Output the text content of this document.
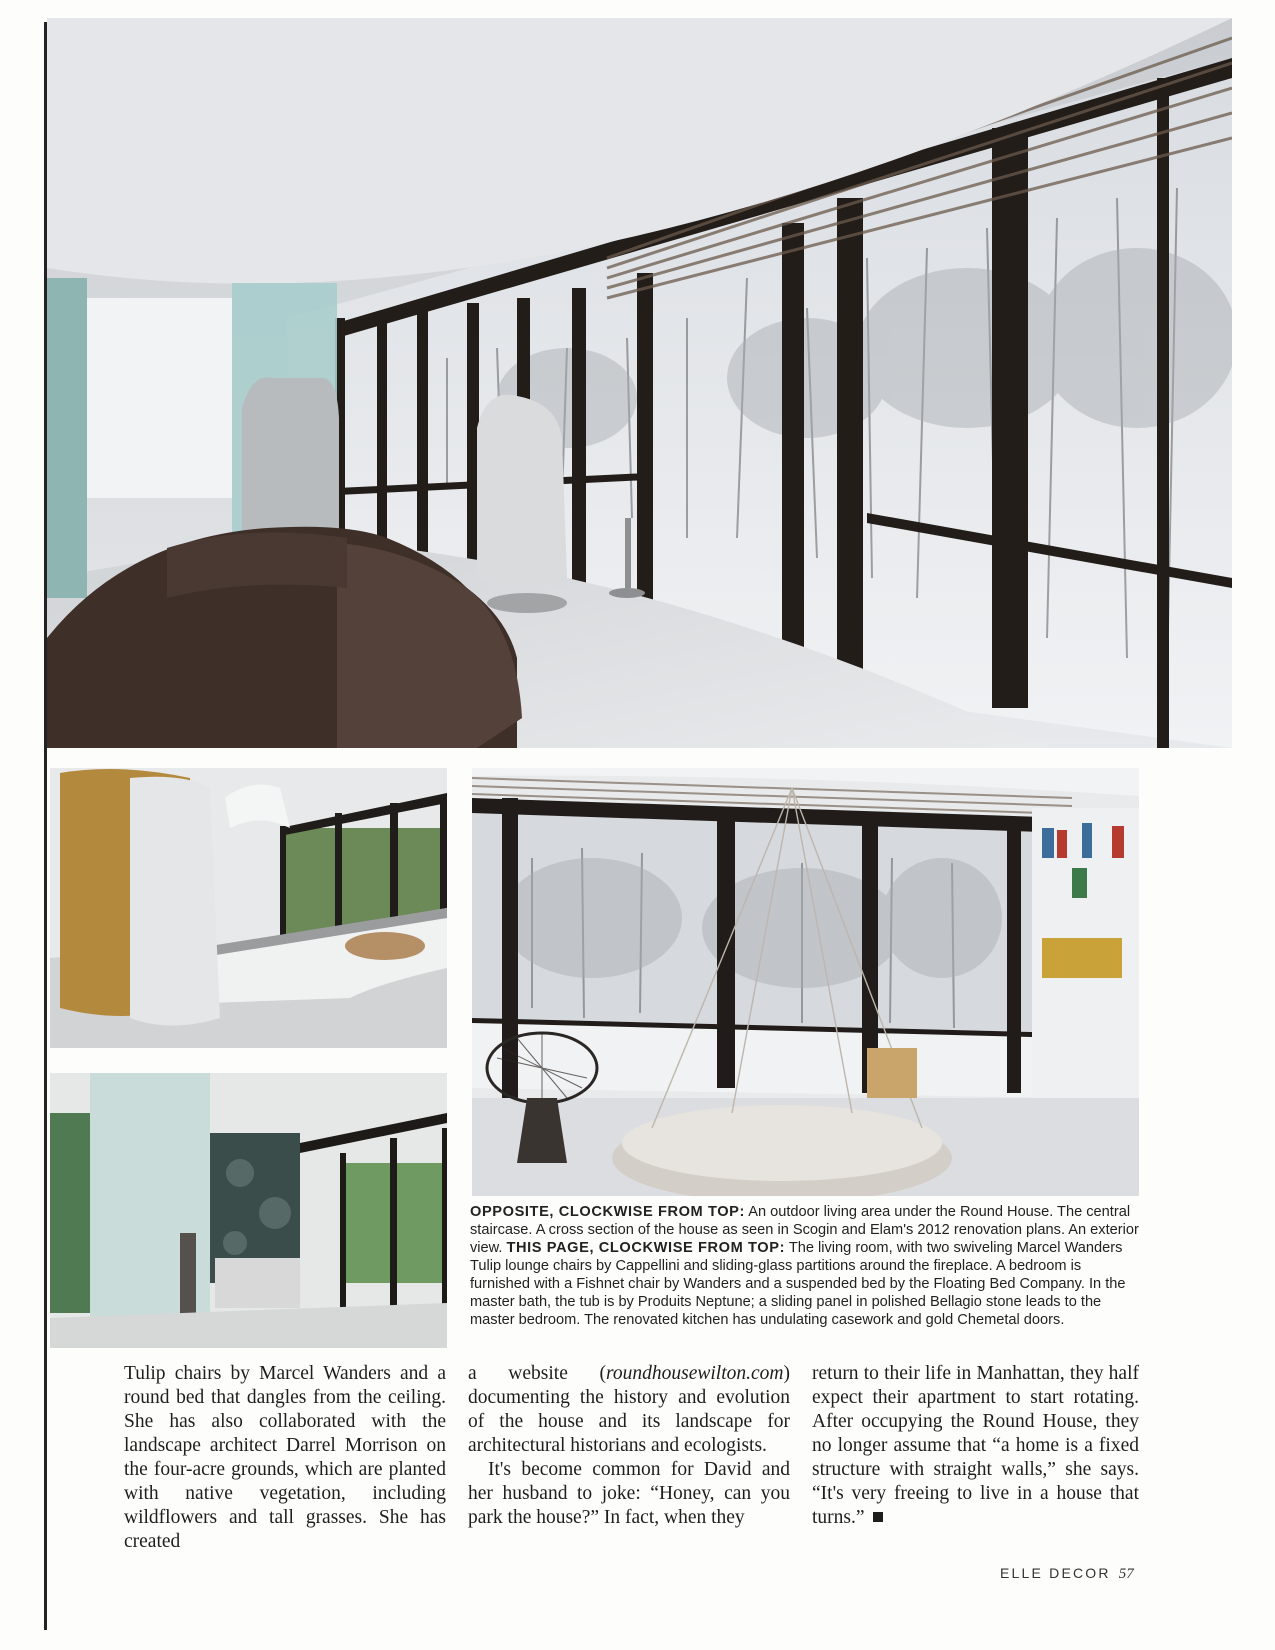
OPPOSITE, CLOCKWISE FROM TOP: An outdoor living area under the Round House. The central staircase. A cross section of the house as seen in Scogin and Elam's 2012 renovation plans. An exterior view. THIS PAGE, CLOCKWISE FROM TOP: The living room, with two swiveling Marcel Wanders Tulip lounge chairs by Cappellini and sliding-glass partitions around the fireplace. A bedroom is furnished with a Fishnet chair by Wanders and a suspended bed by the Floating Bed Company. In the master bath, the tub is by Produits Neptune; a sliding panel in polished Bellagio stone leads to the master bedroom. The renovated kitchen has undulating casework and gold Chemetal doors.

Tulip chairs by Marcel Wanders and a round bed that dangles from the ceiling. She has also collaborated with the landscape architect Darrel Morrison on the four-acre grounds, which are planted with native vegetation, including wildflowers and tall grasses. She has created

a website (roundhousewilton.com) documenting the history and evolution of the house and its landscape for architectural historians and ecologists.

It's become common for David and her husband to joke: “Honey, can you park the house?” In fact, when they

return to their life in Manhattan, they half expect their apartment to start rotating. After occupying the Round House, they no longer assume that “a home is a fixed structure with straight walls,” she says. “It's very freeing to live in a house that turns.”

ELLE DECOR 57
